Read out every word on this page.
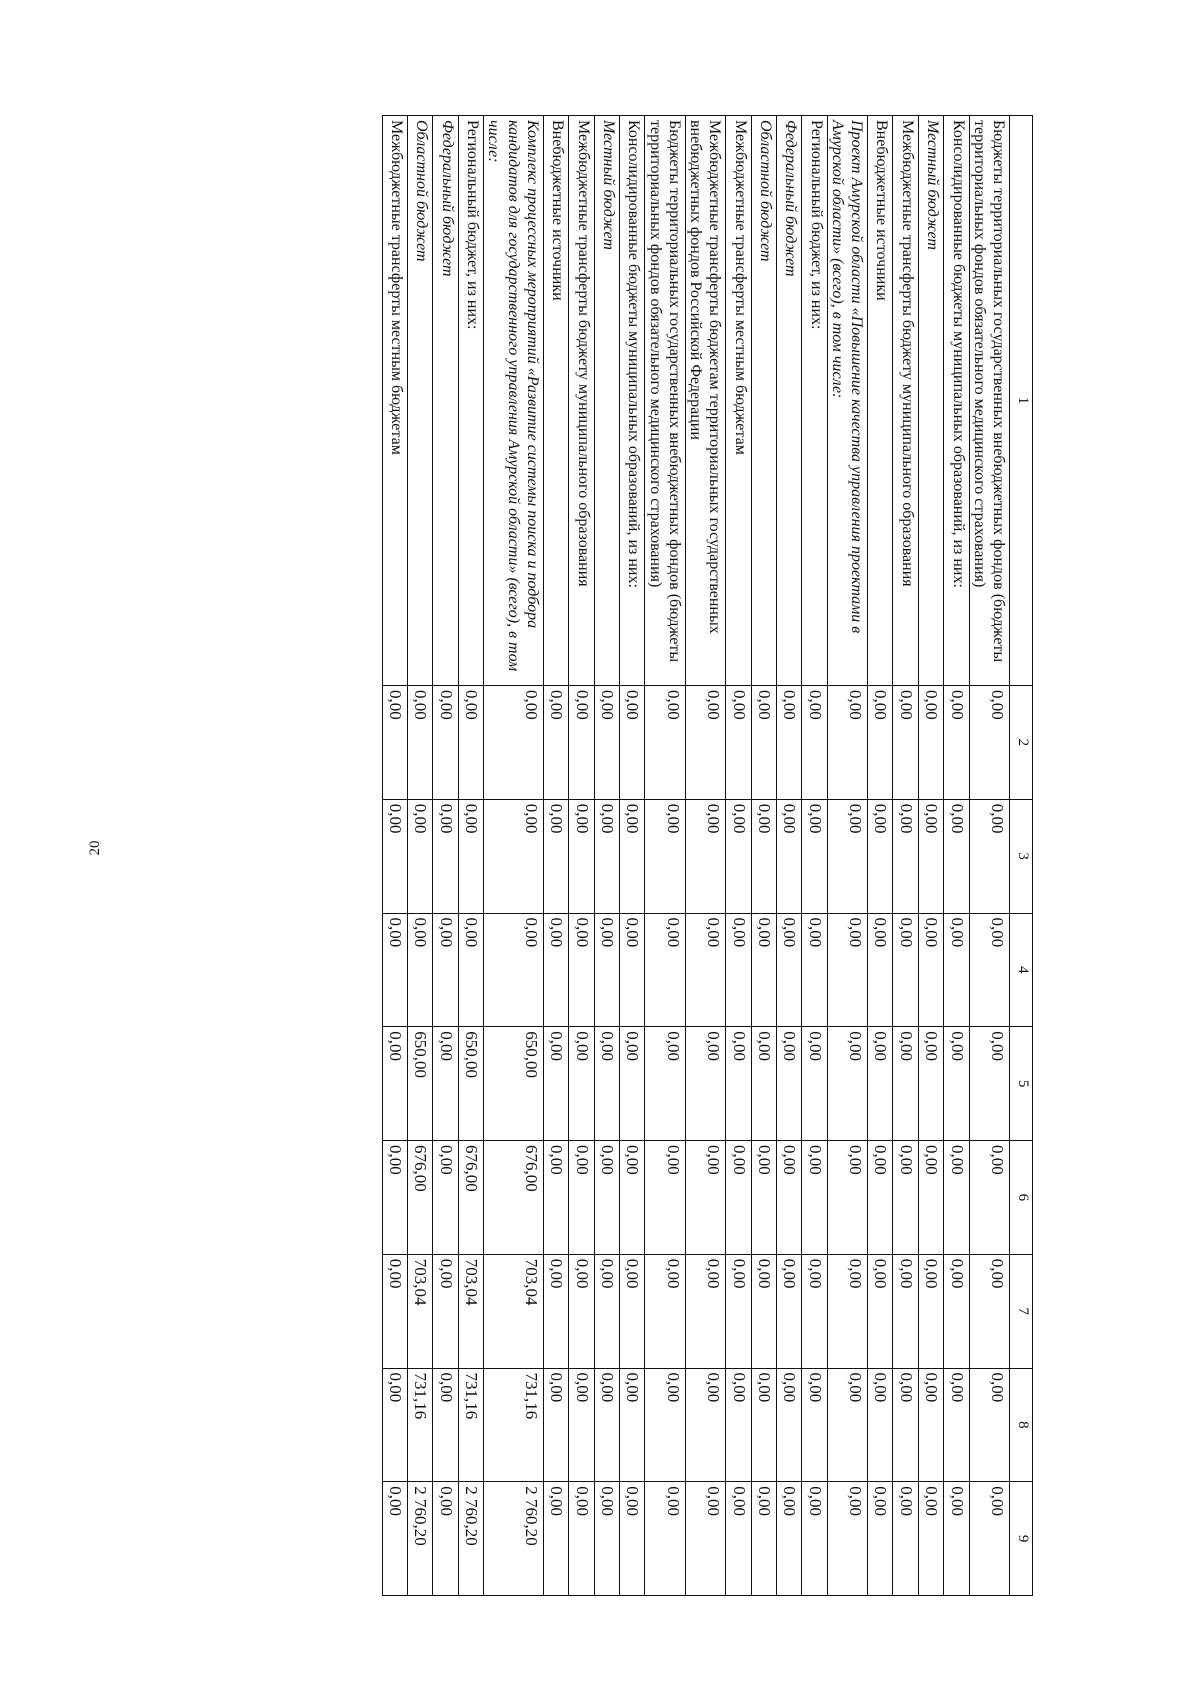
20
1	2	3	4	5	6	7	8	9
Бюджеты территориальных государственных внебюджетных фондов (бюджеты территориальных фондов обязательного медицинского страхования)	0,00	0,00	0,00	0,00	0,00	0,00	0,00	0,00
Консолидированные бюджеты муниципальных образований, из них:	0,00	0,00	0,00	0,00	0,00	0,00	0,00	0,00
Местный бюджет	0,00	0,00	0,00	0,00	0,00	0,00	0,00	0,00
Межбюджетные трансферты бюджету муниципального образования	0,00	0,00	0,00	0,00	0,00	0,00	0,00	0,00
Внебюджетные источники	0,00	0,00	0,00	0,00	0,00	0,00	0,00	0,00
Проект Амурской области «Повышение качества управления проектами в Амурской области» (всего), в том числе:	0,00	0,00	0,00	0,00	0,00	0,00	0,00	0,00
Региональный бюджет, из них:	0,00	0,00	0,00	0,00	0,00	0,00	0,00	0,00
Федеральный бюджет	0,00	0,00	0,00	0,00	0,00	0,00	0,00	0,00
Областной бюджет	0,00	0,00	0,00	0,00	0,00	0,00	0,00	0,00
Межбюджетные трансферты местным бюджетам	0,00	0,00	0,00	0,00	0,00	0,00	0,00	0,00
Межбюджетные трансферты бюджетам территориальных государственных внебюджетных фондов Российской Федерации	0,00	0,00	0,00	0,00	0,00	0,00	0,00	0,00
Бюджеты территориальных государственных внебюджетных фондов (бюджеты территориальных фондов обязательного медицинского страхования)	0,00	0,00	0,00	0,00	0,00	0,00	0,00	0,00
Консолидированные бюджеты муниципальных образований, из них:	0,00	0,00	0,00	0,00	0,00	0,00	0,00	0,00
Местный бюджет	0,00	0,00	0,00	0,00	0,00	0,00	0,00	0,00
Межбюджетные трансферты бюджету муниципального образования	0,00	0,00	0,00	0,00	0,00	0,00	0,00	0,00
Внебюджетные источники	0,00	0,00	0,00	0,00	0,00	0,00	0,00	0,00
Комплекс процессных мероприятий «Развитие системы поиска и подбора кандидатов для государственного управления Амурской области» (всего), в том числе:	0,00	0,00	0,00	650,00	676,00	703,04	731,16	2 760,20
Региональный бюджет, из них:	0,00	0,00	0,00	650,00	676,00	703,04	731,16	2 760,20
Федеральный бюджет	0,00	0,00	0,00	0,00	0,00	0,00	0,00	0,00
Областной бюджет	0,00	0,00	0,00	650,00	676,00	703,04	731,16	2 760,20
Межбюджетные трансферты местным бюджетам	0,00	0,00	0,00	0,00	0,00	0,00	0,00	0,00
